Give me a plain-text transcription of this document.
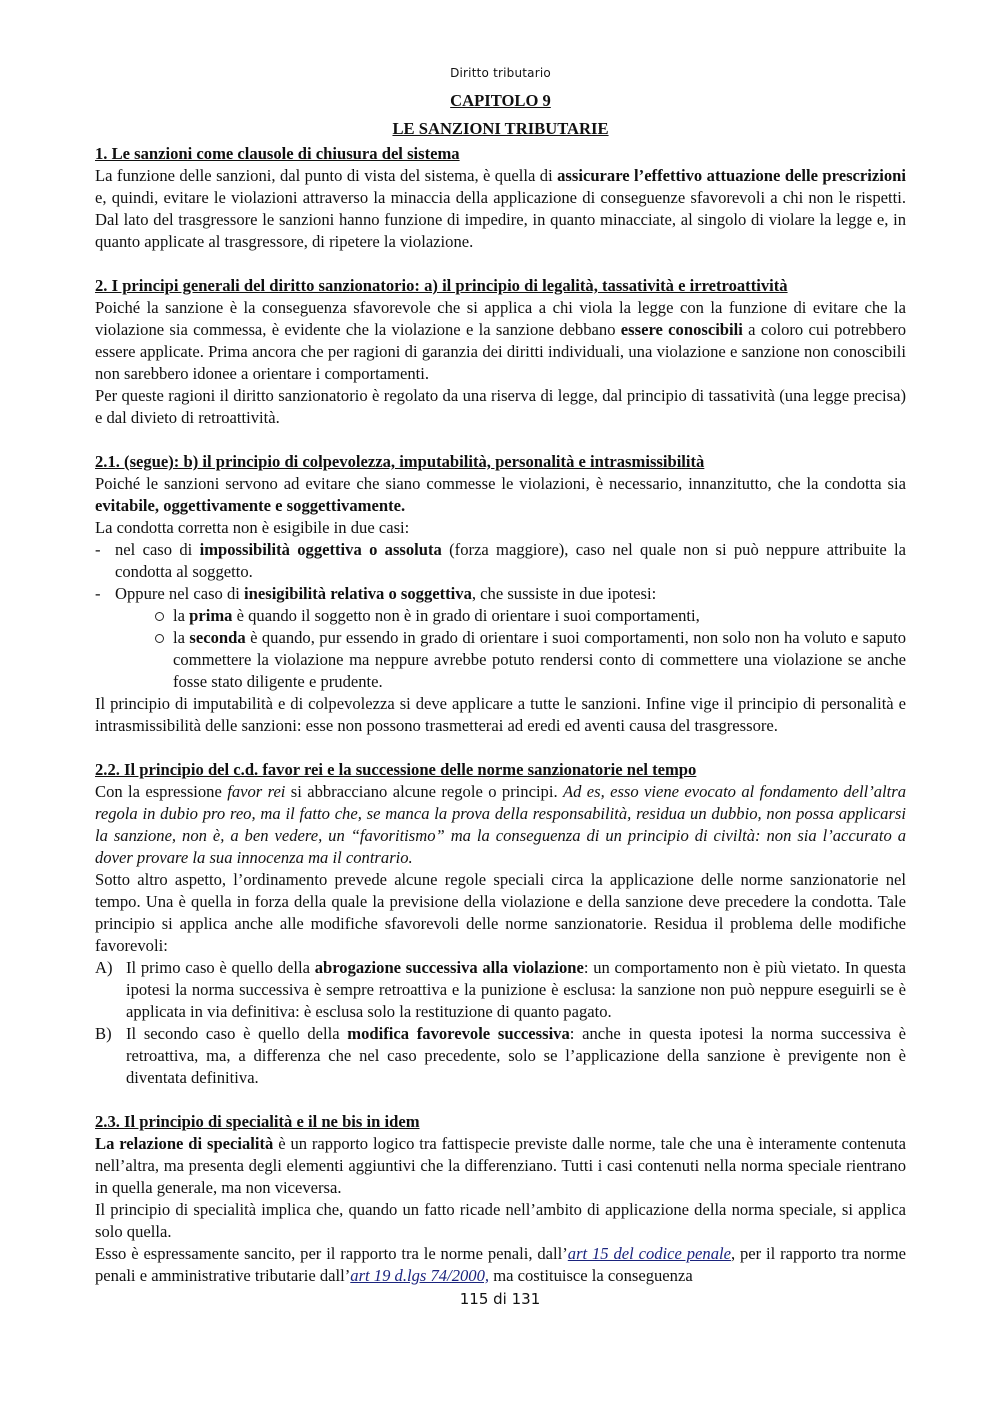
Diritto tributario
CAPITOLO 9
LE SANZIONI TRIBUTARIE
1. Le sanzioni come clausole di chiusura del sistema

La funzione delle sanzioni, dal punto di vista del sistema, è quella di assicurare l’effettivo attuazione delle prescrizioni e, quindi, evitare le violazioni attraverso la minaccia della applicazione di conseguenze sfavorevoli a chi non le rispetti. Dal lato del trasgressore le sanzioni hanno funzione di impedire, in quanto minacciate, al singolo di violare la legge e, in quanto applicate al trasgressore, di ripetere la violazione.

2. I principi generali del diritto sanzionatorio: a) il principio di legalità, tassatività e irretroattività

Poiché la sanzione è la conseguenza sfavorevole che si applica a chi viola la legge con la funzione di evitare che la violazione sia commessa, è evidente che la violazione e la sanzione debbano essere conoscibili a coloro cui potrebbero essere applicate. Prima ancora che per ragioni di garanzia dei diritti individuali, una violazione e sanzione non conoscibili non sarebbero idonee a orientare i comportamenti.

Per queste ragioni il diritto sanzionatorio è regolato da una riserva di legge, dal principio di tassatività (una legge precisa) e dal divieto di retroattività.

2.1. (segue): b) il principio di colpevolezza, imputabilità, personalità e intrasmissibilità

Poiché le sanzioni servono ad evitare che siano commesse le violazioni, è necessario, innanzitutto, che la condotta sia evitabile, oggettivamente e soggettivamente.

La condotta corretta non è esigibile in due casi:

- nel caso di impossibilità oggettiva o assoluta (forza maggiore), caso nel quale non si può neppure attribuite la condotta al soggetto.
- Oppure nel caso di inesigibilità relativa o soggettiva, che sussiste in due ipotesi:
la prima è quando il soggetto non è in grado di orientare i suoi comportamenti,
la seconda è quando, pur essendo in grado di orientare i suoi comportamenti, non solo non ha voluto e saputo commettere la violazione ma neppure avrebbe potuto rendersi conto di commettere una violazione se anche fosse stato diligente e prudente.

Il principio di imputabilità e di colpevolezza si deve applicare a tutte le sanzioni. Infine vige il principio di personalità e intrasmissibilità delle sanzioni: esse non possono trasmetterai ad eredi ed aventi causa del trasgressore.

2.2. Il principio del c.d. favor rei e la successione delle norme sanzionatorie nel tempo

Con la espressione favor rei si abbracciano alcune regole o principi. Ad es, esso viene evocato al fondamento dell’altra regola in dubio pro reo, ma il fatto che, se manca la prova della responsabilità, residua un dubbio, non possa applicarsi la sanzione, non è, a ben vedere, un “favoritismo” ma la conseguenza di un principio di civiltà: non sia l’accurato a dover provare la sua innocenza ma il contrario.

Sotto altro aspetto, l’ordinamento prevede alcune regole speciali circa la applicazione delle norme sanzionatorie nel tempo. Una è quella in forza della quale la previsione della violazione e della sanzione deve precedere la condotta. Tale principio si applica anche alle modifiche sfavorevoli delle norme sanzionatorie. Residua il problema delle modifiche favorevoli:

A) Il primo caso è quello della abrogazione successiva alla violazione: un comportamento non è più vietato. In questa ipotesi la norma successiva è sempre retroattiva e la punizione è esclusa: la sanzione non può neppure eseguirli se è applicata in via definitiva: è esclusa solo la restituzione di quanto pagato.
B) Il secondo caso è quello della modifica favorevole successiva: anche in questa ipotesi la norma successiva è retroattiva, ma, a differenza che nel caso precedente, solo se l’applicazione della sanzione è previgente non è diventata definitiva.
2.3. Il principio di specialità e il ne bis in idem

La relazione di specialità è un rapporto logico tra fattispecie previste dalle norme, tale che una è interamente contenuta nell’altra, ma presenta degli elementi aggiuntivi che la differenziano. Tutti i casi contenuti nella norma speciale rientrano in quella generale, ma non viceversa.

Il principio di specialità implica che, quando un fatto ricade nell’ambito di applicazione della norma speciale, si applica solo quella.

Esso è espressamente sancito, per il rapporto tra le norme penali, dall’art 15 del codice penale, per il rapporto tra norme penali e amministrative tributarie dall’art 19 d.lgs 74/2000, ma costituisce la conseguenza

115 di 131
